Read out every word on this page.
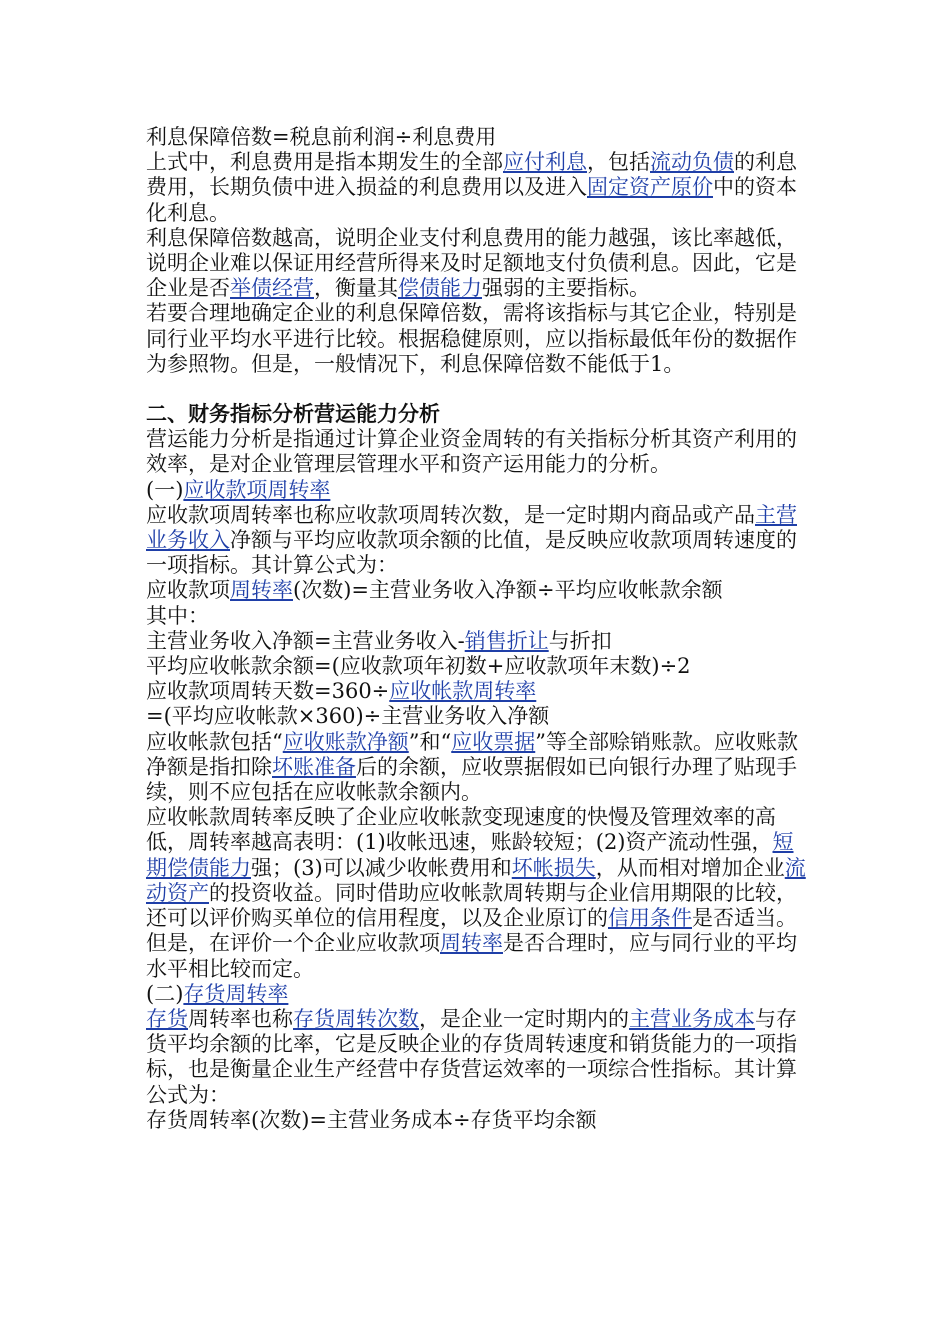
利息保障倍数=税息前利润÷利息费用

上式中，利息费用是指本期发生的全部应付利息，包括流动负债的利息费用，长期负债中进入损益的利息费用以及进入固定资产原价中的资本化利息。

利息保障倍数越高，说明企业支付利息费用的能力越强，该比率越低，说明企业难以保证用经营所得来及时足额地支付负债利息。因此，它是企业是否举债经营，衡量其偿债能力强弱的主要指标。

若要合理地确定企业的利息保障倍数，需将该指标与其它企业，特别是同行业平均水平进行比较。根据稳健原则，应以指标最低年份的数据作为参照物。但是，一般情况下，利息保障倍数不能低于1。

二、财务指标分析营运能力分析

营运能力分析是指通过计算企业资金周转的有关指标分析其资产利用的效率，是对企业管理层管理水平和资产运用能力的分析。

(一)应收款项周转率

应收款项周转率也称应收款项周转次数，是一定时期内商品或产品主营业务收入净额与平均应收款项余额的比值，是反映应收款项周转速度的一项指标。其计算公式为：

应收款项周转率(次数)=主营业务收入净额÷平均应收帐款余额

其中：

主营业务收入净额=主营业务收入-销售折让与折扣

平均应收帐款余额=(应收款项年初数+应收款项年末数)÷2

应收款项周转天数=360÷应收帐款周转率

=(平均应收帐款×360)÷主营业务收入净额

应收帐款包括“应收账款净额”和“应收票据”等全部赊销账款。应收账款净额是指扣除坏账准备后的余额，应收票据假如已向银行办理了贴现手续，则不应包括在应收帐款余额内。

应收帐款周转率反映了企业应收帐款变现速度的快慢及管理效率的高低，周转率越高表明：(1)收帐迅速，账龄较短；(2)资产流动性强，短期偿债能力强；(3)可以减少收帐费用和坏帐损失，从而相对增加企业流动资产的投资收益。同时借助应收帐款周转期与企业信用期限的比较，还可以评价购买单位的信用程度，以及企业原订的信用条件是否适当。

但是，在评价一个企业应收款项周转率是否合理时，应与同行业的平均水平相比较而定。

(二)存货周转率

存货周转率也称存货周转次数，是企业一定时期内的主营业务成本与存货平均余额的比率，它是反映企业的存货周转速度和销货能力的一项指标，也是衡量企业生产经营中存货营运效率的一项综合性指标。其计算公式为：

存货周转率(次数)=主营业务成本÷存货平均余额
